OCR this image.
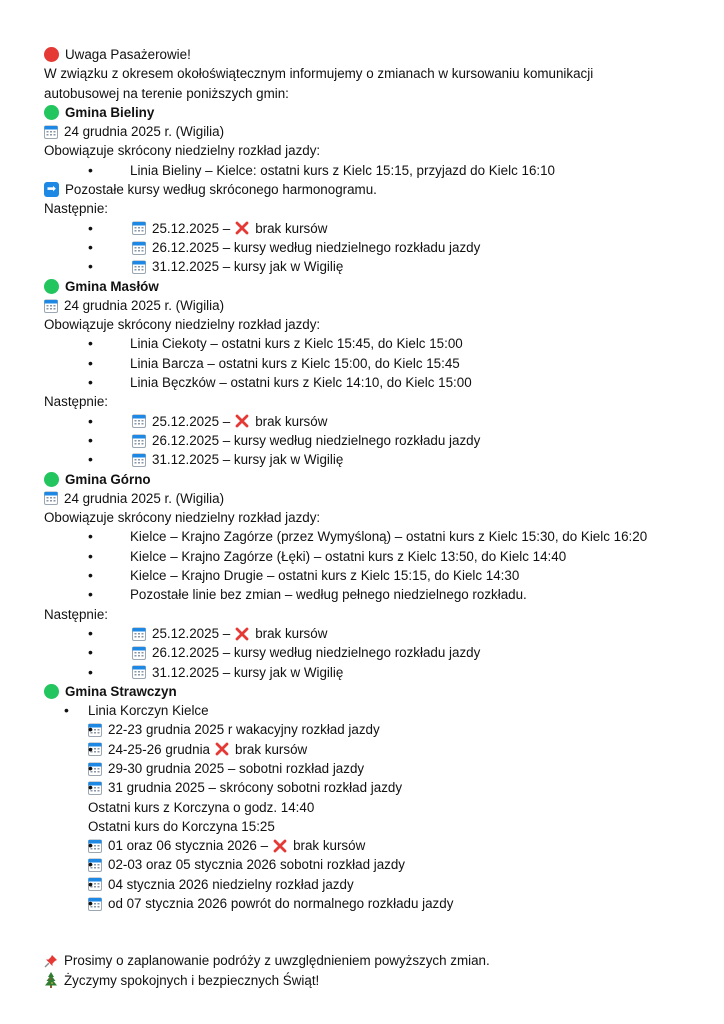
Uwaga Pasażerowie!
W związku z okresem okołoświątecznym informujemy o zmianach w kursowaniu komunikacji
autobusowej na terenie poniższych gmin:
Gmina Bieliny
24 grudnia 2025 r. (Wigilia)
Obowiązuje skrócony niedzielny rozkład jazdy:
• Linia Bieliny – Kielce: ostatni kurs z Kielc 15:15, przyjazd do Kielc 16:10
➡ Pozostałe kursy według skróconego harmonogramu.
Następnie:
• 25.12.2025 – brak kursów
• 26.12.2025 – kursy według niedzielnego rozkładu jazdy
• 31.12.2025 – kursy jak w Wigilię
Gmina Masłów
24 grudnia 2025 r. (Wigilia)
Obowiązuje skrócony niedzielny rozkład jazdy:
• Linia Ciekoty – ostatni kurs z Kielc 15:45, do Kielc 15:00
• Linia Barcza – ostatni kurs z Kielc 15:00, do Kielc 15:45
• Linia Bęczków – ostatni kurs z Kielc 14:10, do Kielc 15:00
Następnie:
• 25.12.2025 – brak kursów
• 26.12.2025 – kursy według niedzielnego rozkładu jazdy
• 31.12.2025 – kursy jak w Wigilię
Gmina Górno
24 grudnia 2025 r. (Wigilia)
Obowiązuje skrócony niedzielny rozkład jazdy:
• Kielce – Krajno Zagórze (przez Wymyśloną) – ostatni kurs z Kielc 15:30, do Kielc 16:20
• Kielce – Krajno Zagórze (Łęki) – ostatni kurs z Kielc 13:50, do Kielc 14:40
• Kielce – Krajno Drugie – ostatni kurs z Kielc 15:15, do Kielc 14:30
• Pozostałe linie bez zmian – według pełnego niedzielnego rozkładu.
Następnie:
• 25.12.2025 – brak kursów
• 26.12.2025 – kursy według niedzielnego rozkładu jazdy
• 31.12.2025 – kursy jak w Wigilię
Gmina Strawczyn
• Linia Korczyn Kielce
• 22-23 grudnia 2025 r wakacyjny rozkład jazdy
• 24-25-26 grudnia brak kursów
• 29-30 grudnia 2025 – sobotni rozkład jazdy
• 31 grudnia 2025 – skrócony sobotni rozkład jazdy
Ostatni kurs z Korczyna o godz. 14:40
Ostatni kurs do Korczyna 15:25
• 01 oraz 06 stycznia 2026 – brak kursów
• 02-03 oraz 05 stycznia 2026 sobotni rozkład jazdy
• 04 stycznia 2026 niedzielny rozkład jazdy
• od 07 stycznia 2026 powrót do normalnego rozkładu jazdy
Prosimy o zaplanowanie podróży z uwzględnieniem powyższych zmian.
Życzymy spokojnych i bezpiecznych Świąt!
